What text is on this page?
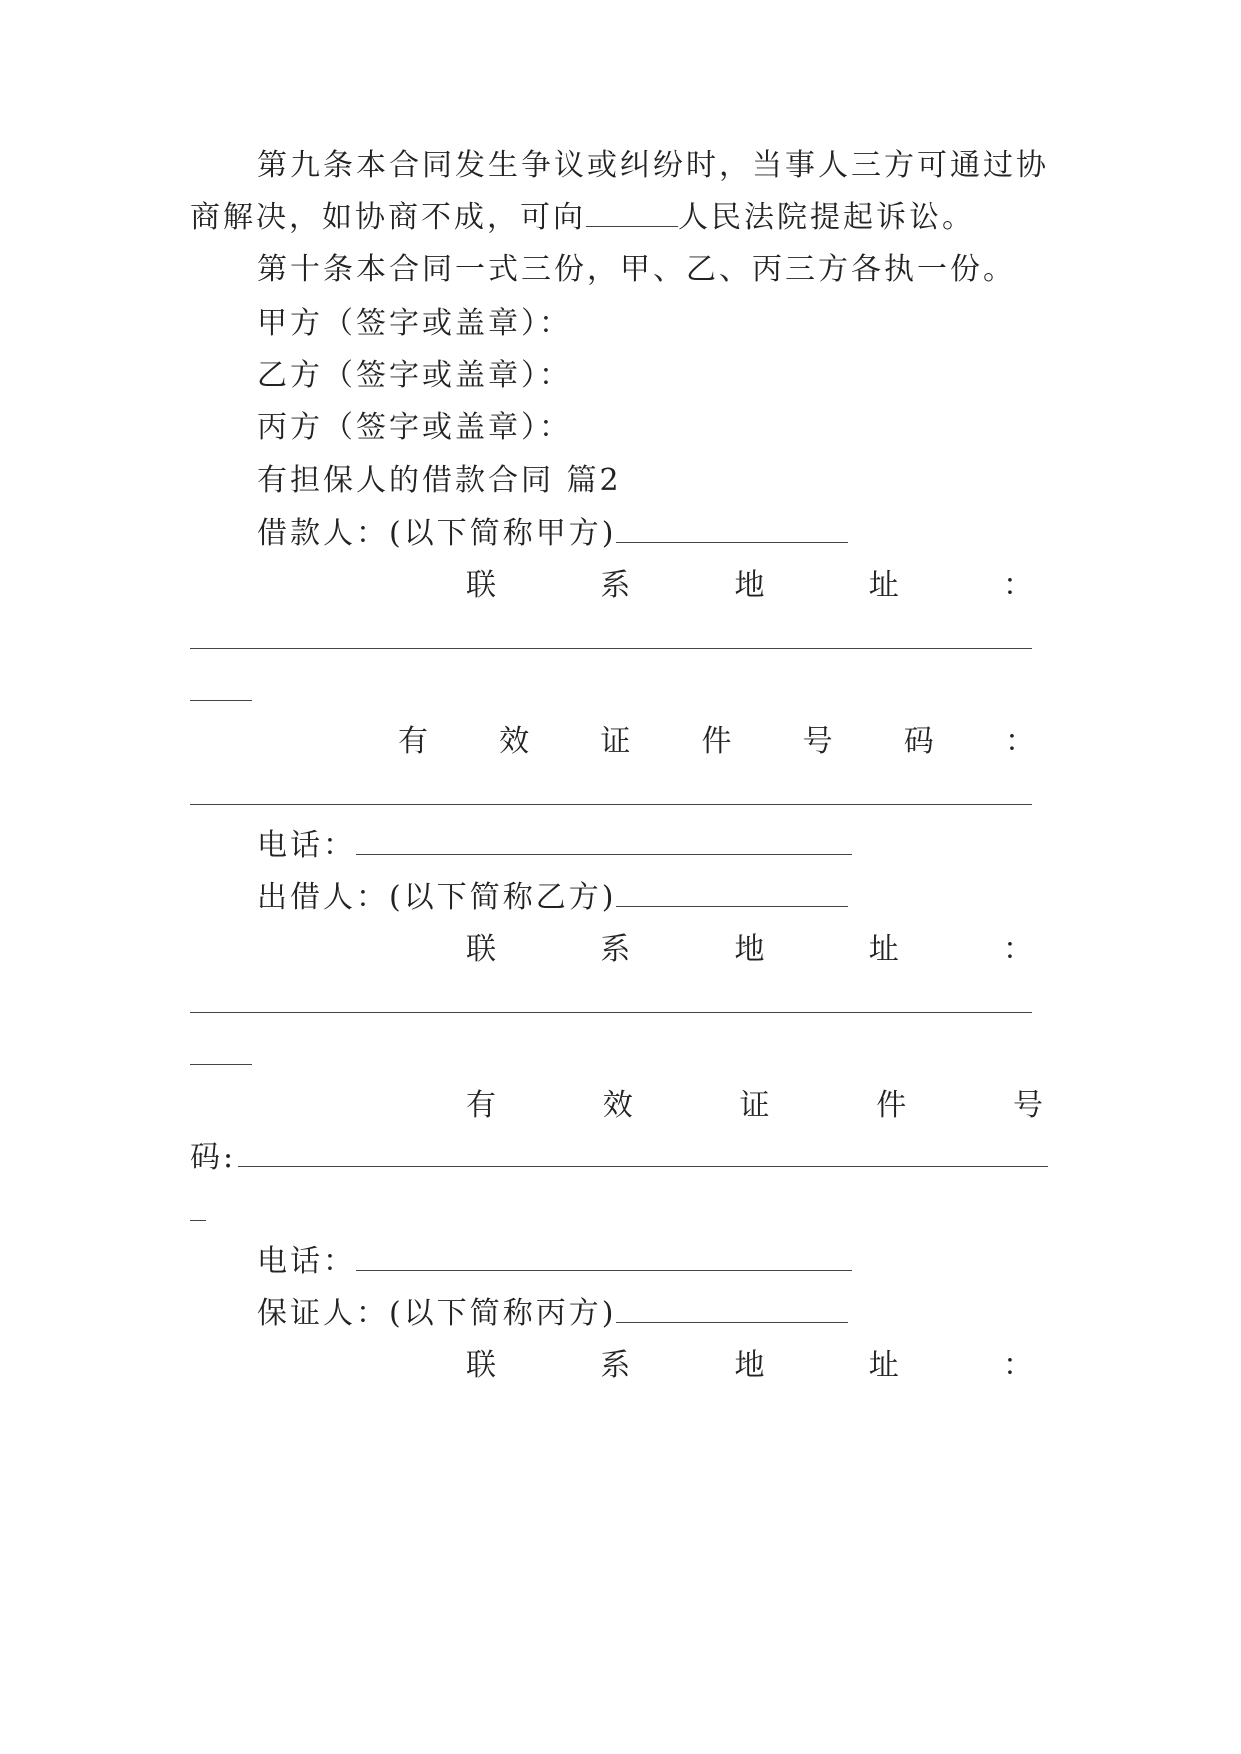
第九条本合同发生争议或纠纷时，当事人三方可通过协
商解决，如协商不成，可向	人民法院提起诉讼。
第十条本合同一式三份，甲、乙、丙三方各执一份。
甲方（签字或盖章）：
乙方（签字或盖章）：
丙方（签字或盖章）：
有担保人的借款合同 篇2
借款人：(以下简称甲方)
联	系	地	址	：
有 效 证 件 号 码 ：
电话：
出借人：(以下简称乙方)
联	系	地	址	：
有	效	证	件	号
码:
电话：
保证人：(以下简称丙方)
联	系	地	址	：
